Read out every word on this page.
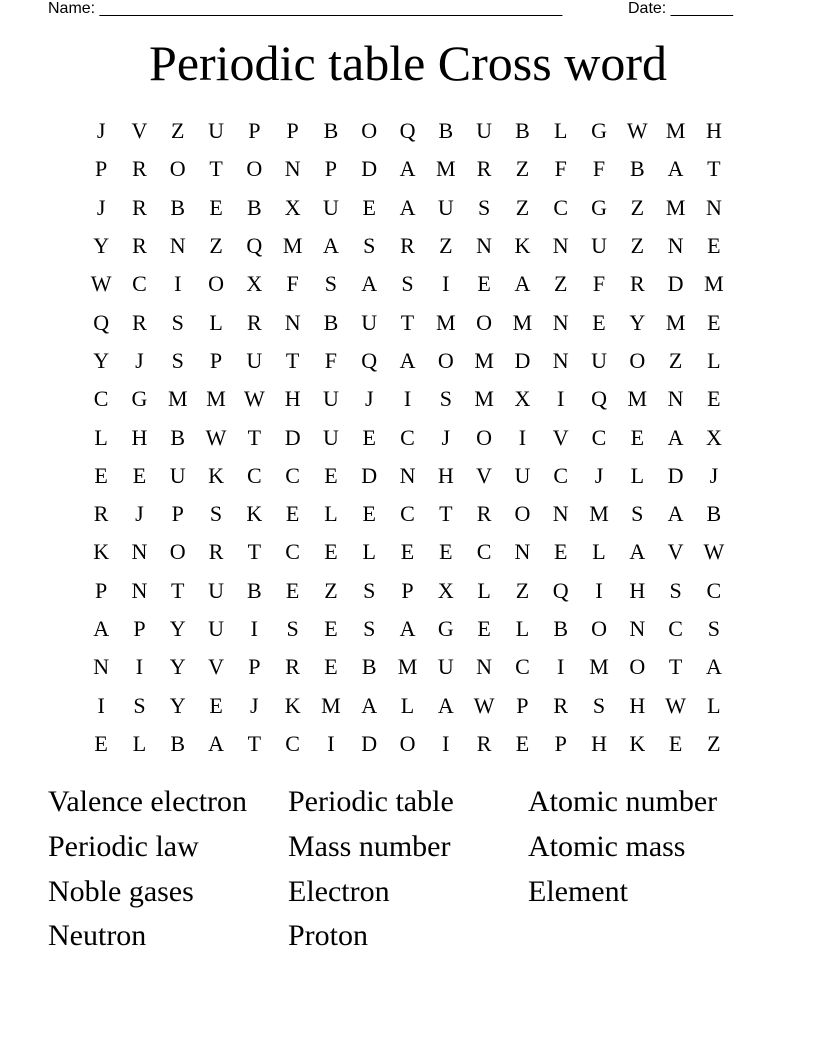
Name: ____________________________________________________	Date: _______
Periodic table Cross word
J	V	Z	U	P	P	B	O	Q	B	U	B	L	G W M H
P	R	O	T	O	N	P	D	A M R	Z	F	F	B	A	T
J	R	B	E	B	X	U	E	A	U	S	Z	C	G	Z M N
Y	R	N	Z	Q M A	S	R	Z	N	K	N	U	Z	N	E
W C	I	O	X	F	S	A	S	I	E	A	Z	F	R	D M
Q	R	S	L	R	N	B	U	T M O M N	E	Y M E
Y	J	S	P	U	T	F	Q	A	O M D	N	U	O	Z	L
C	G M M W H	U	J	I	S	M X	I	Q M N	E
L	H	B W T	D	U	E	C	J	O	I	V	C	E	A	X
E	E	U	K	C	C	E	D	N	H	V	U	C	J	L	D	J
R	J	P	S	K	E	L	E	C	T	R	O	N M	S	A	B
K	N	O	R	T	C	E	L	E	E	C	N	E	L	A	V W
P	N	T	U	B	E	Z	S	P	X	L	Z	Q	I	H	S	C
A	P	Y	U	I	S	E	S	A	G	E	L	B	O	N	C	S
N	I	Y	V	P	R	E	B M U	N	C	I	M O	T	A
I	S	Y	E	J	K M A	L	A W P	R	S	H W L
E	L	B	A	T	C	I	D	O	I	R	E	P	H	K	E	Z
Valence electron	Periodic table	Atomic number
Periodic law	Mass number	Atomic mass
Noble gases	Electron	Element
Neutron	Proton
